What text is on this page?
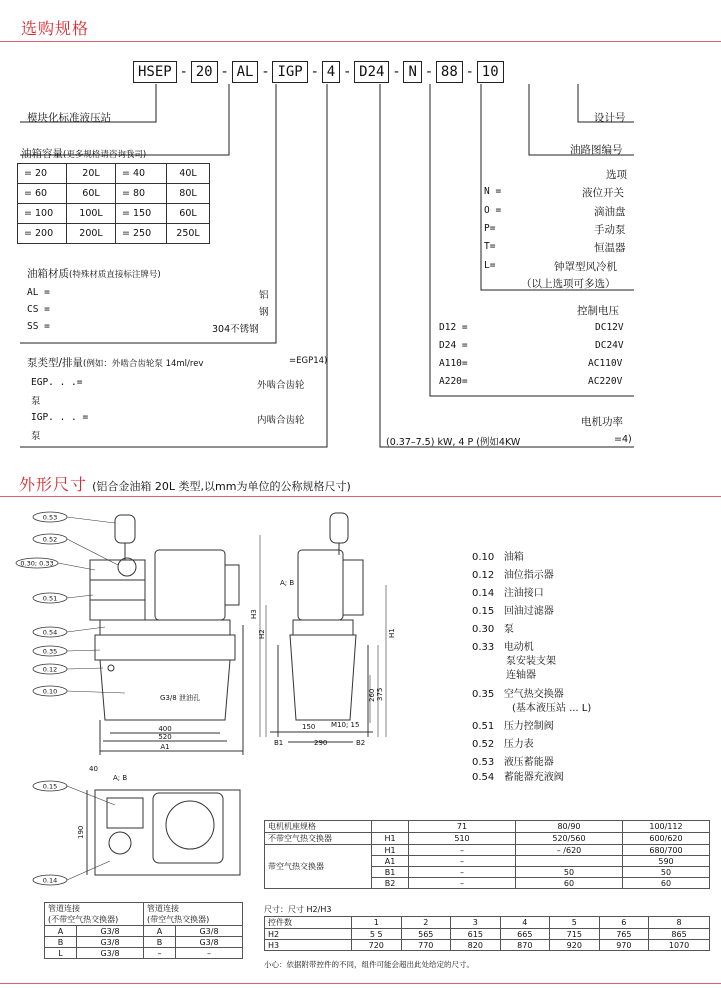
选购规格
HSEP - 20 - AL - IGP - 4 - D24 - N - 88 - 10
模块化标准液压站
油箱容量(更多规格请咨询我司)
= 20	20L	= 40	40L
= 60	60L	= 80	80L
= 100	100L	= 150	60L
= 200	200L	= 250	250L
油箱材质(特殊材质直接标注牌号)
AL =	铝
CS =	钢
SS =	304不锈钢
泵类型/排量(例如：外啮合齿轮泵 14ml/rev	=EGP14)
EGP. . .=	外啮合齿轮
泵
IGP. . . =	内啮合齿轮
泵
设计号
油路图编号
选项
N =	液位开关
O =	滴油盘
P=	手动泵
T=	恒温器
L=	钟罩型风冷机
（以上选项可多选）
控制电压
D12 =	DC12V
D24 =	DC24V
A110=	AC110V
A220=	AC220V
电机功率
(0.37–7.5) kW, 4 P (例如4KW	=4)
外形尺寸 (铝合金油箱 20L 类型,以mm为单位的公称规格尺寸)
0.53
0.52
0.30; 0.33
0.51
0.54
0.35
0.12
0.10
G3/8 泄油孔
400
520
A1
A; B
M10; 15
150
290
B1	B2
H3
H2	H1
375
260
0.15
0.14
40
A; B
190
0.10 油箱
0.12 油位指示器
0.14 注油接口
0.15 回油过滤器
0.30 泵
0.33 电动机
泵安装支架
连轴器
0.35 空气热交换器
(基本液压站 ... L)
0.51 压力控制阀
0.52 压力表
0.53 液压蓄能器
0.54 蓄能器充液阀
电机机座规格		71	80/90	100/112
不带空气热交换器	H1	510	520/560	600/620
带空气热交换器	H1	–	– /620	680/700
	A1	–		590
	B1	–	50	50
	B2	–	60	60
尺寸：尺寸 H2/H3
控件数	1	2	3	4	5	6	8
H2	5 5	565	615	665	715	765	865
H3	720	770	820	870	920	970	1070
小心：依据附带控件的不同，组件可能会超出此处给定的尺寸。
管道连接		管道连接	
(不带空气热交换器)		(带空气热交换器)	
A	G3/8	A	G3/8
B	G3/8	B	G3/8
L	G3/8	–	–
